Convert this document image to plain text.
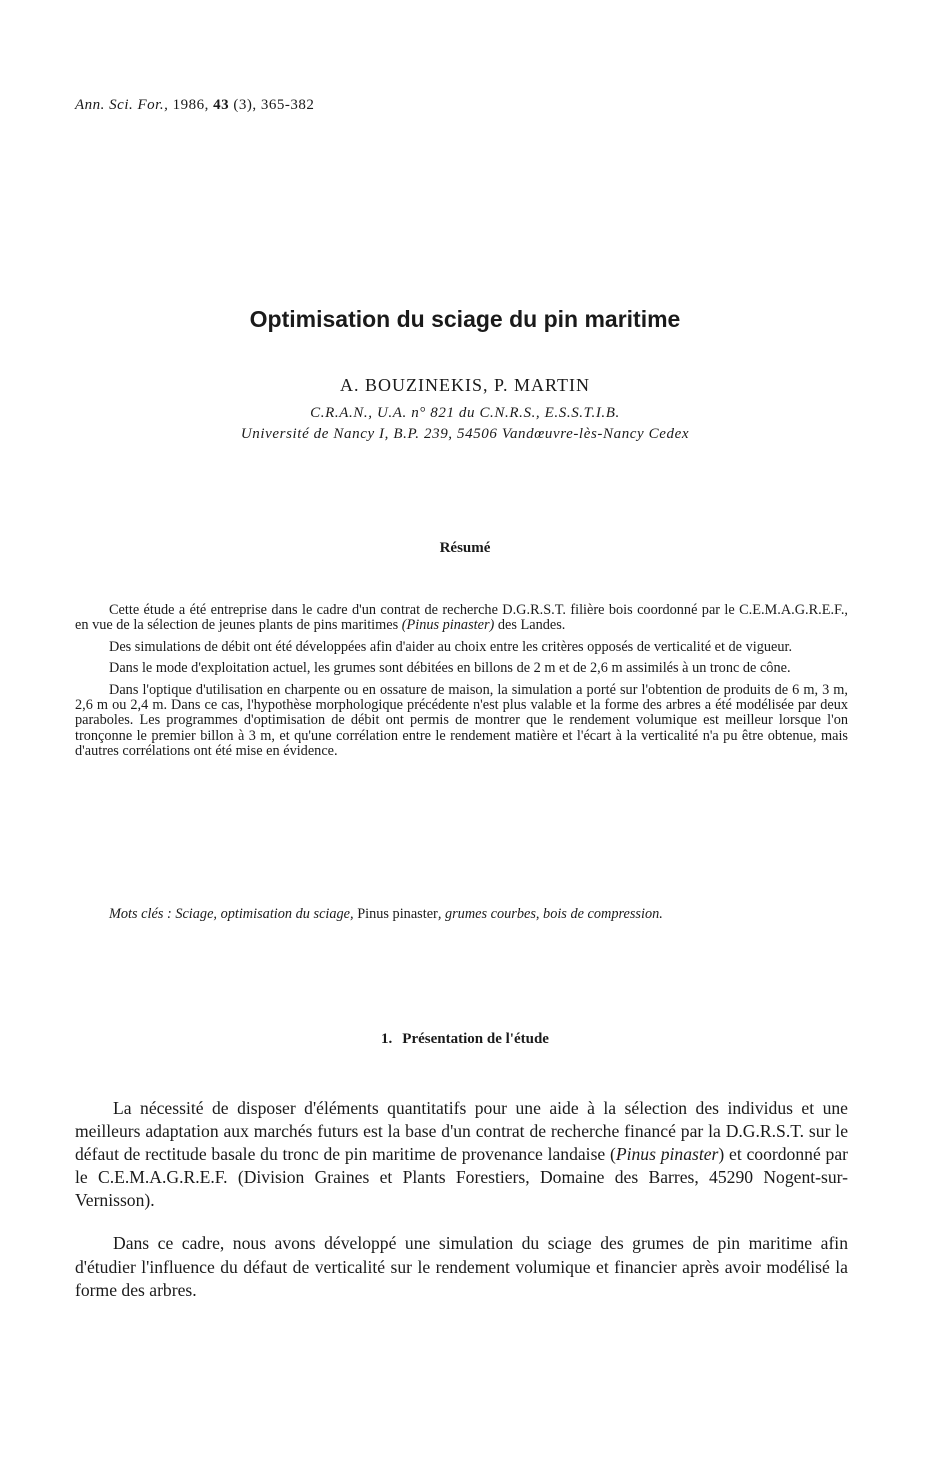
Ann. Sci. For., 1986, 43 (3), 365-382
Optimisation du sciage du pin maritime
A. BOUZINEKIS, P. MARTIN
C.R.A.N., U.A. n° 821 du C.N.R.S., E.S.S.T.I.B.
Université de Nancy I, B.P. 239, 54506 Vandœuvre-lès-Nancy Cedex
Résumé

Cette étude a été entreprise dans le cadre d'un contrat de recherche D.G.R.S.T. filière bois coordonné par le C.E.M.A.G.R.E.F., en vue de la sélection de jeunes plants de pins maritimes (Pinus pinaster) des Landes.

Des simulations de débit ont été développées afin d'aider au choix entre les critères opposés de verticalité et de vigueur.

Dans le mode d'exploitation actuel, les grumes sont débitées en billons de 2 m et de 2,6 m assimilés à un tronc de cône.

Dans l'optique d'utilisation en charpente ou en ossature de maison, la simulation a porté sur l'obtention de produits de 6 m, 3 m, 2,6 m ou 2,4 m. Dans ce cas, l'hypothèse morphologique précédente n'est plus valable et la forme des arbres a été modélisée par deux paraboles. Les programmes d'optimisation de débit ont permis de montrer que le rendement volumique est meilleur lorsque l'on tronçonne le premier billon à 3 m, et qu'une corrélation entre le rendement matière et l'écart à la verticalité n'a pu être obtenue, mais d'autres corrélations ont été mise en évidence.

Mots clés : Sciage, optimisation du sciage, Pinus pinaster, grumes courbes, bois de compression.
1. Présentation de l'étude

La nécessité de disposer d'éléments quantitatifs pour une aide à la sélection des individus et une meilleurs adaptation aux marchés futurs est la base d'un contrat de recherche financé par la D.G.R.S.T. sur le défaut de rectitude basale du tronc de pin maritime de provenance landaise (Pinus pinaster) et coordonné par le C.E.M.A.G.R.E.F. (Division Graines et Plants Forestiers, Domaine des Barres, 45290 Nogent-sur-Vernisson).

Dans ce cadre, nous avons développé une simulation du sciage des grumes de pin maritime afin d'étudier l'influence du défaut de verticalité sur le rendement volumique et financier après avoir modélisé la forme des arbres.
